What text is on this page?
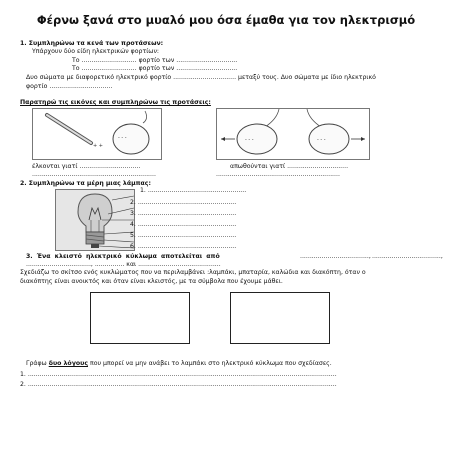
Φέρνω ξανά στο μυαλό μου όσα έμαθα για τον ηλεκτρισμό
1. Συμπληρώνω τα κενά των προτάσεων:
Υπάρχουν δύο είδη ηλεκτρικών φορτίων:
Το ............................ φορτίο των ...............................
Το ............................ φορτίο των ...............................
Δυο σώματα με διαφορετικό ηλεκτρικό φορτίο ................................ μεταξύ τους. Δυο σώματα με ίδιο ηλεκτρικό
φορτίο ................................
Παρατηρώ τις εικόνες και συμπληρώνω τις προτάσεις:
+ +
- - -	- - -	- - -
έλκονται γιατί ...............................	απωθούνται γιατί ...............................
...............................................................	...............................................................
2. Συμπληρώνω τα μέρη μιας λάμπας:
1. ..................................................
2. ..................................................
3. ..................................................
4. ..................................................
5. ..................................................
6. ..................................................
3. Ένα κλειστό ηλεκτρικό κύκλωμα αποτελείται από	..................................., ...................................,
................................., ............... και ..........................................
Σχεδιάζω το σκίτσο ενός κυκλώματος που να περιλαμβάνει :λαμπάκι, μπαταρία, καλώδια και διακόπτη, όταν ο
διακόπτης είναι ανοικτός και όταν είναι κλειστός, με τα σύμβολα που έχουμε μάθει.
Γράφω δυο λόγους που μπορεί να μην ανάβει το λαμπάκι στο ηλεκτρικό κύκλωμα που σχεδίασες.
1. .............................................................................................................................................................
2. .............................................................................................................................................................
